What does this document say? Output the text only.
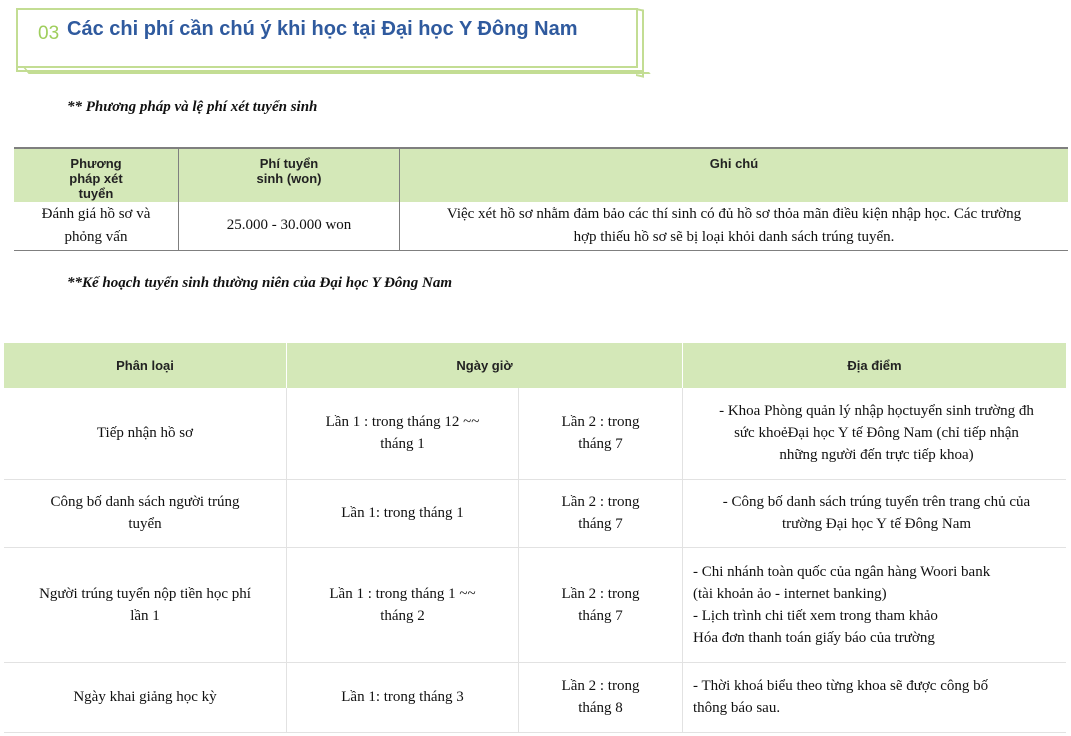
03 Các chi phí cần chú ý khi học tại Đại học Y Đông Nam
** Phương pháp và lệ phí xét tuyển sinh
Phương
pháp xét
tuyển	Phí tuyển
sinh (won)	Ghi chú

Đánh giá hồ sơ và
phỏng vấn	25.000 - 30.000 won	Việc xét hồ sơ nhằm đảm bảo các thí sinh có đủ hồ sơ thỏa mãn điều kiện nhập học. Các trường
hợp thiếu hồ sơ sẽ bị loại khỏi danh sách trúng tuyển.
**Kế hoạch tuyển sinh thường niên của Đại học Y Đông Nam
Phân loại	Ngày giờ		Địa điểm

Tiếp nhận hồ sơ	Lần 1 : trong tháng 12 ~~
tháng 1	Lần 2 : trong
tháng 7	- Khoa Phòng quản lý nhập họctuyển sinh trường đh
sức khoẻĐại học Y tế Đông Nam (chỉ tiếp nhận
những người đến trực tiếp khoa)

Công bố danh sách người trúng
tuyển	Lần 1: trong tháng 1	Lần 2 : trong
tháng 7	- Công bố danh sách trúng tuyển trên trang chủ của
trường Đại học Y tế Đông Nam

Người trúng tuyển nộp tiền học phí
lần 1	Lần 1 : trong tháng 1 ~~
tháng 2	Lần 2 : trong
tháng 7	- Chi nhánh toàn quốc của ngân hàng Woori bank
(tài khoản ảo - internet banking)
- Lịch trình chi tiết xem trong tham khảo
Hóa đơn thanh toán giấy báo của trường

Ngày khai giảng học kỳ	Lần 1: trong tháng 3	Lần 2 : trong
tháng 8	- Thời khoá biểu theo từng khoa sẽ được công bố
thông báo sau.
